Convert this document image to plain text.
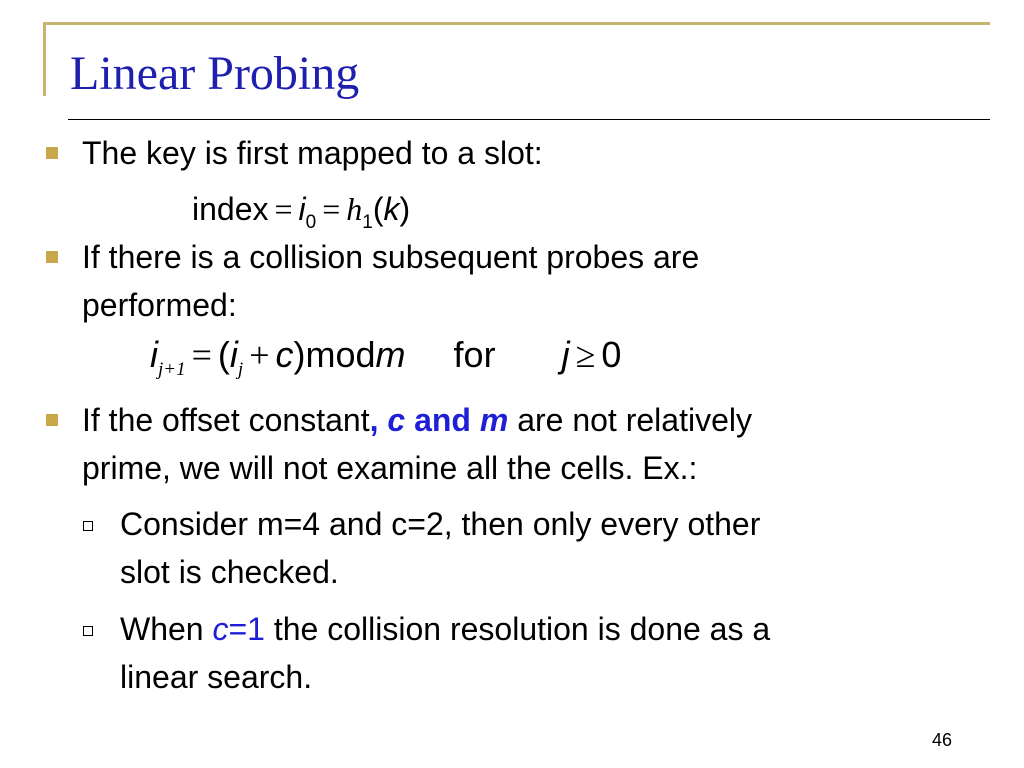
Linear Probing
The key is first mapped to a slot:
index = $i_0 = h_1(k)$
If there is a collision subsequent probes are
performed:
$i_{j+1} = (i_j$ + c)modm for j ≥ 0
If the offset constant, c and m are not relatively
prime, we will not examine all the cells. Ex.:
Consider m=4 and c=2, then only every other
slot is checked.
When c=1 the collision resolution is done as a
linear search.
46
